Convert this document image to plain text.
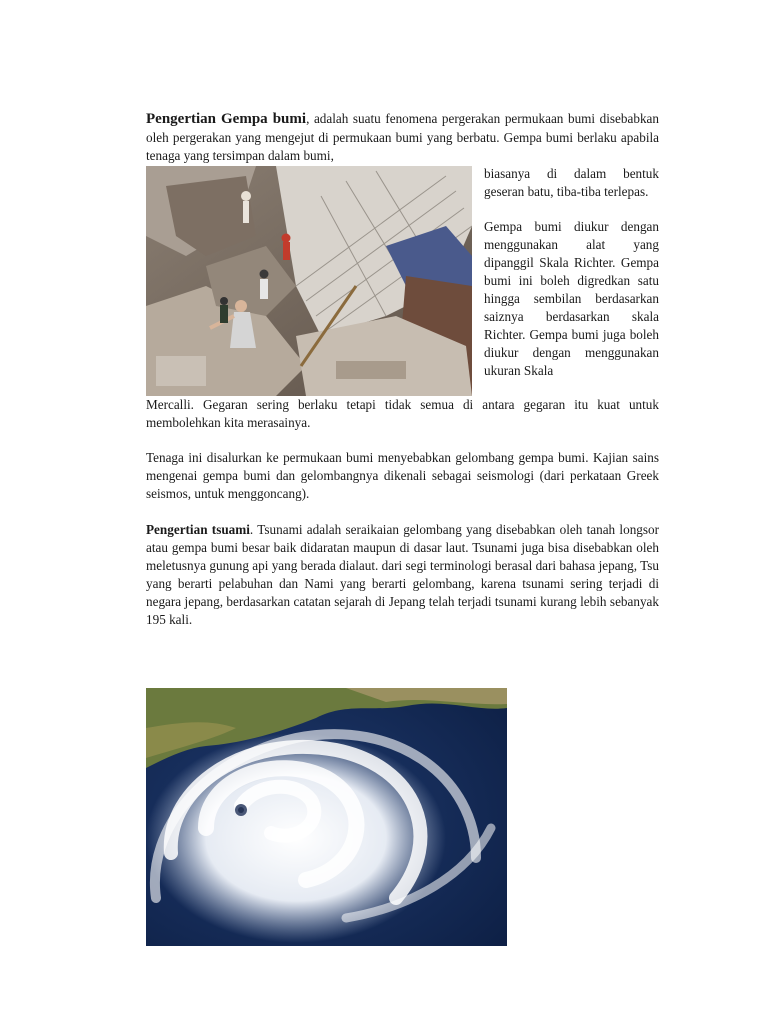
Pengertian Gempa bumi, adalah suatu fenomena pergerakan permukaan bumi disebabkan oleh pergerakan yang mengejut di permukaan bumi yang berbatu. Gempa bumi berlaku apabila tenaga yang tersimpan dalam bumi,

biasanya di dalam bentuk geseran batu, tiba-tiba terlepas.

Gempa bumi diukur dengan menggunakan alat yang dipanggil Skala Richter. Gempa bumi ini boleh digredkan satu hingga sembilan berdasarkan saiznya berdasarkan skala Richter. Gempa bumi juga boleh diukur dengan menggunakan ukuran Skala

Mercalli. Gegaran sering berlaku tetapi tidak semua di antara gegaran itu kuat untuk membolehkan kita merasainya.

Tenaga ini disalurkan ke permukaan bumi menyebabkan gelombang gempa bumi. Kajian sains mengenai gempa bumi dan gelombangnya dikenali sebagai seismologi (dari perkataan Greek seismos, untuk menggoncang).

Pengertian tsuami. Tsunami adalah seraikaian gelombang yang disebabkan oleh tanah longsor atau gempa bumi besar baik didaratan maupun di dasar laut. Tsunami juga bisa disebabkan oleh meletusnya gunung api yang berada dialaut. dari segi terminologi berasal dari bahasa jepang, Tsu yang berarti pelabuhan dan Nami yang berarti gelombang, karena tsunami sering terjadi di negara jepang, berdasarkan catatan sejarah di Jepang telah terjadi tsunami kurang lebih sebanyak 195 kali.
